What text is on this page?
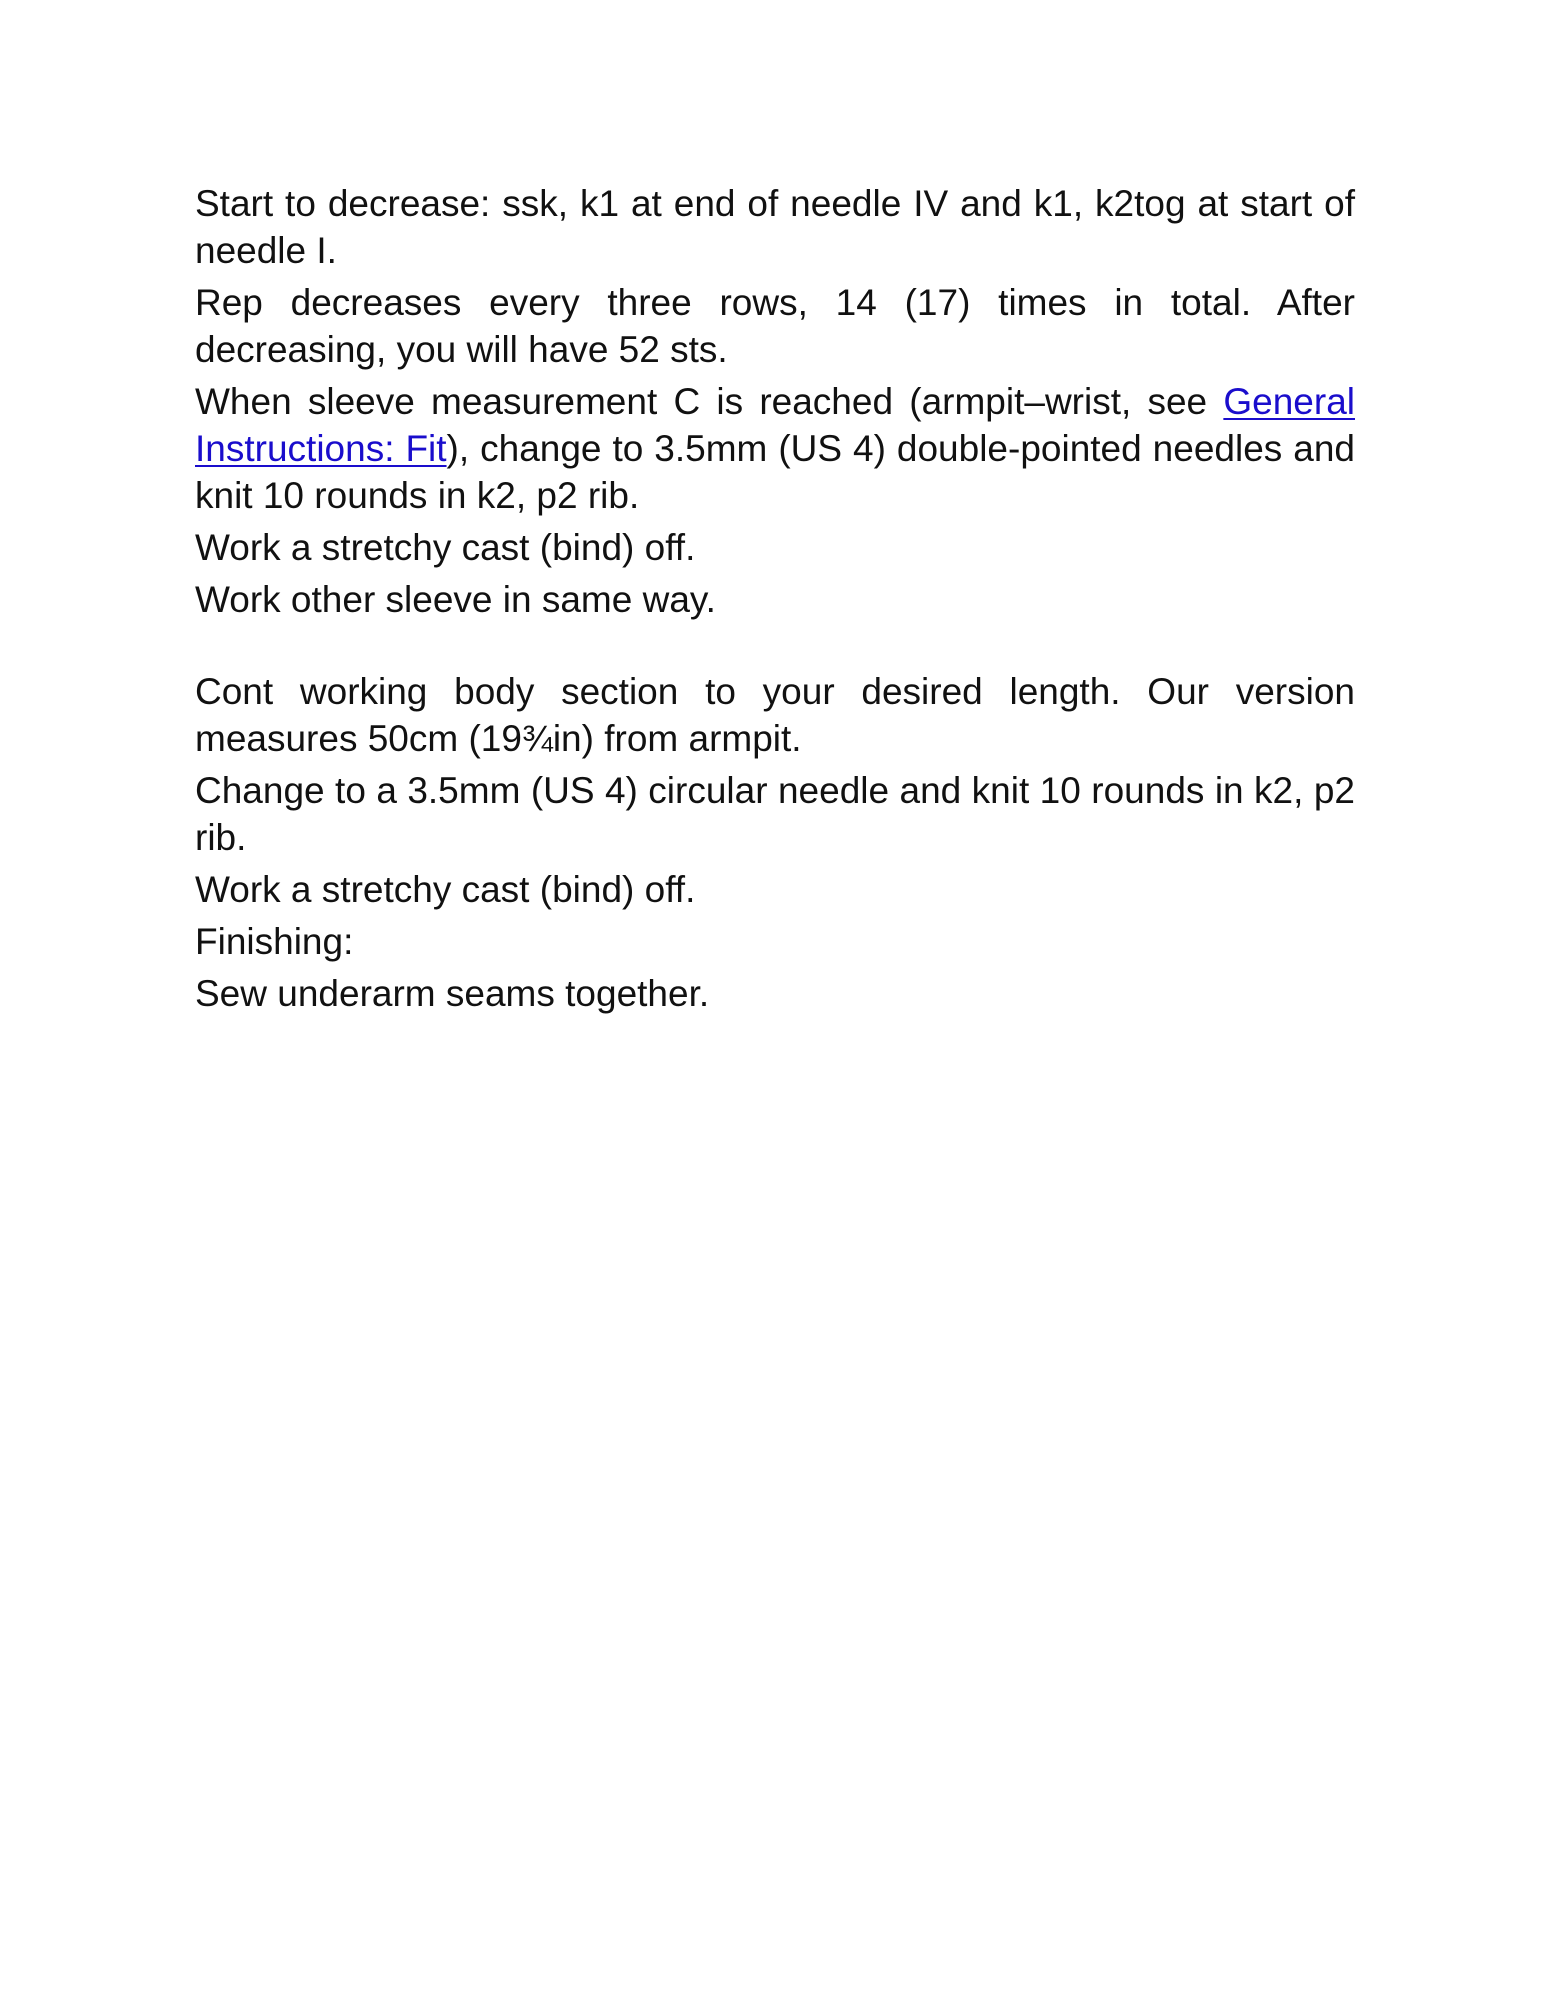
Start to decrease: ssk, k1 at end of needle IV and k1, k2tog at start of needle I.

Rep decreases every three rows, 14 (17) times in total. After decreasing, you will have 52 sts.

When sleeve measurement C is reached (armpit–wrist, see General Instructions: Fit), change to 3.5mm (US 4) double-pointed needles and knit 10 rounds in k2, p2 rib.

Work a stretchy cast (bind) off.

Work other sleeve in same way.

Cont working body section to your desired length. Our version measures 50cm (19¾in) from armpit.

Change to a 3.5mm (US 4) circular needle and knit 10 rounds in k2, p2 rib.

Work a stretchy cast (bind) off.

Finishing:

Sew underarm seams together.
